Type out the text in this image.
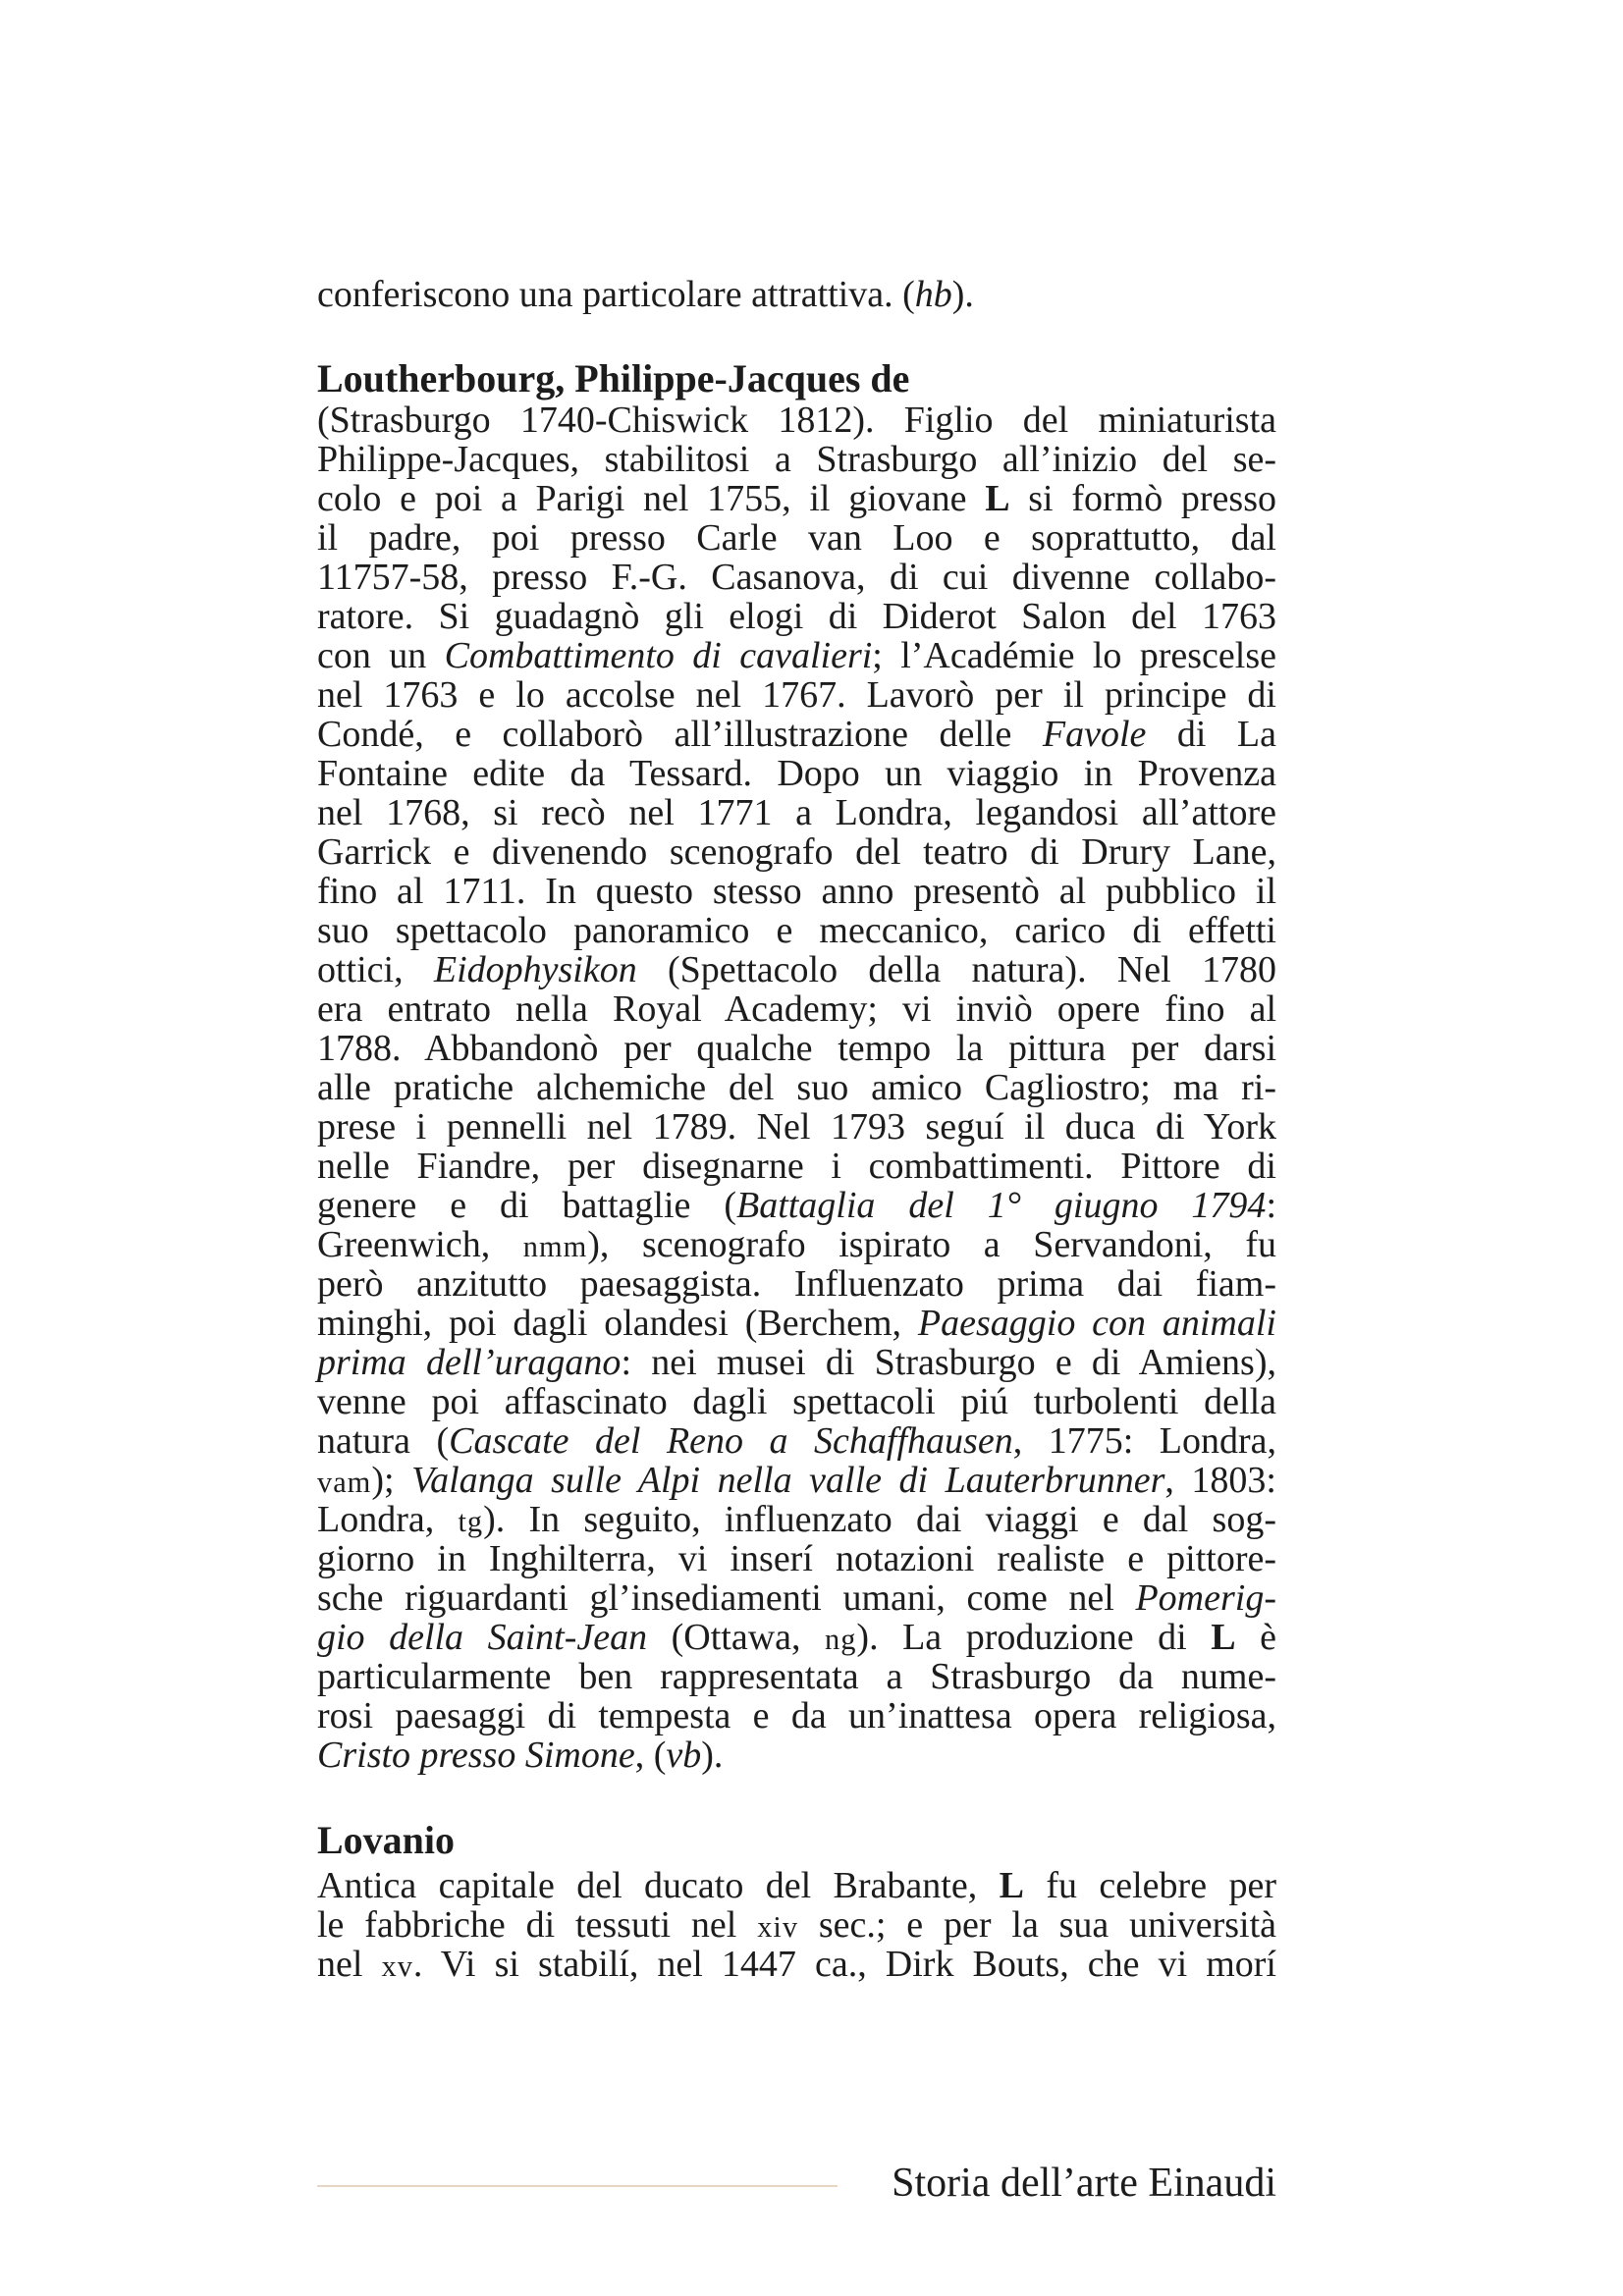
conferiscono una particolare attrattiva. (hb).
Loutherbourg, Philippe-Jacques de
(Strasburgo 1740-Chiswick 1812). Figlio del miniaturista
Philippe-Jacques, stabilitosi a Strasburgo all’inizio del se-
colo e poi a Parigi nel 1755, il giovane L si formò presso
il padre, poi presso Carle van Loo e soprattutto, dal
11757-58, presso F.-G. Casanova, di cui divenne collabo-
ratore. Si guadagnò gli elogi di Diderot Salon del 1763
con un Combattimento di cavalieri; l’Académie lo prescelse
nel 1763 e lo accolse nel 1767. Lavorò per il principe di
Condé, e collaborò all’illustrazione delle Favole di La
Fontaine edite da Tessard. Dopo un viaggio in Provenza
nel 1768, si recò nel 1771 a Londra, legandosi all’attore
Garrick e divenendo scenografo del teatro di Drury Lane,
fino al 1711. In questo stesso anno presentò al pubblico il
suo spettacolo panoramico e meccanico, carico di effetti
ottici, Eidophysikon (Spettacolo della natura). Nel 1780
era entrato nella Royal Academy; vi inviò opere fino al
1788. Abbandonò per qualche tempo la pittura per darsi
alle pratiche alchemiche del suo amico Cagliostro; ma ri-
prese i pennelli nel 1789. Nel 1793 seguí il duca di York
nelle Fiandre, per disegnarne i combattimenti. Pittore di
genere e di battaglie (Battaglia del 1° giugno 1794:
Greenwich, nmm), scenografo ispirato a Servandoni, fu
però anzitutto paesaggista. Influenzato prima dai fiam-
minghi, poi dagli olandesi (Berchem, Paesaggio con animali
prima dell’uragano: nei musei di Strasburgo e di Amiens),
venne poi affascinato dagli spettacoli piú turbolenti della
natura (Cascate del Reno a Schaffhausen, 1775: Londra,
vam); Valanga sulle Alpi nella valle di Lauterbrunner, 1803:
Londra, tg). In seguito, influenzato dai viaggi e dal sog-
giorno in Inghilterra, vi inserí notazioni realiste e pittore-
sche riguardanti gl’insediamenti umani, come nel Pomerig-
gio della Saint-Jean (Ottawa, ng). La produzione di L è
particularmente ben rappresentata a Strasburgo da nume-
rosi paesaggi di tempesta e da un’inattesa opera religiosa,
Cristo presso Simone, (vb).
Lovanio
Antica capitale del ducato del Brabante, L fu celebre per
le fabbriche di tessuti nel xiv sec.; e per la sua università
nel xv. Vi si stabilí, nel 1447 ca., Dirk Bouts, che vi morí
Storia dell’arte Einaudi
